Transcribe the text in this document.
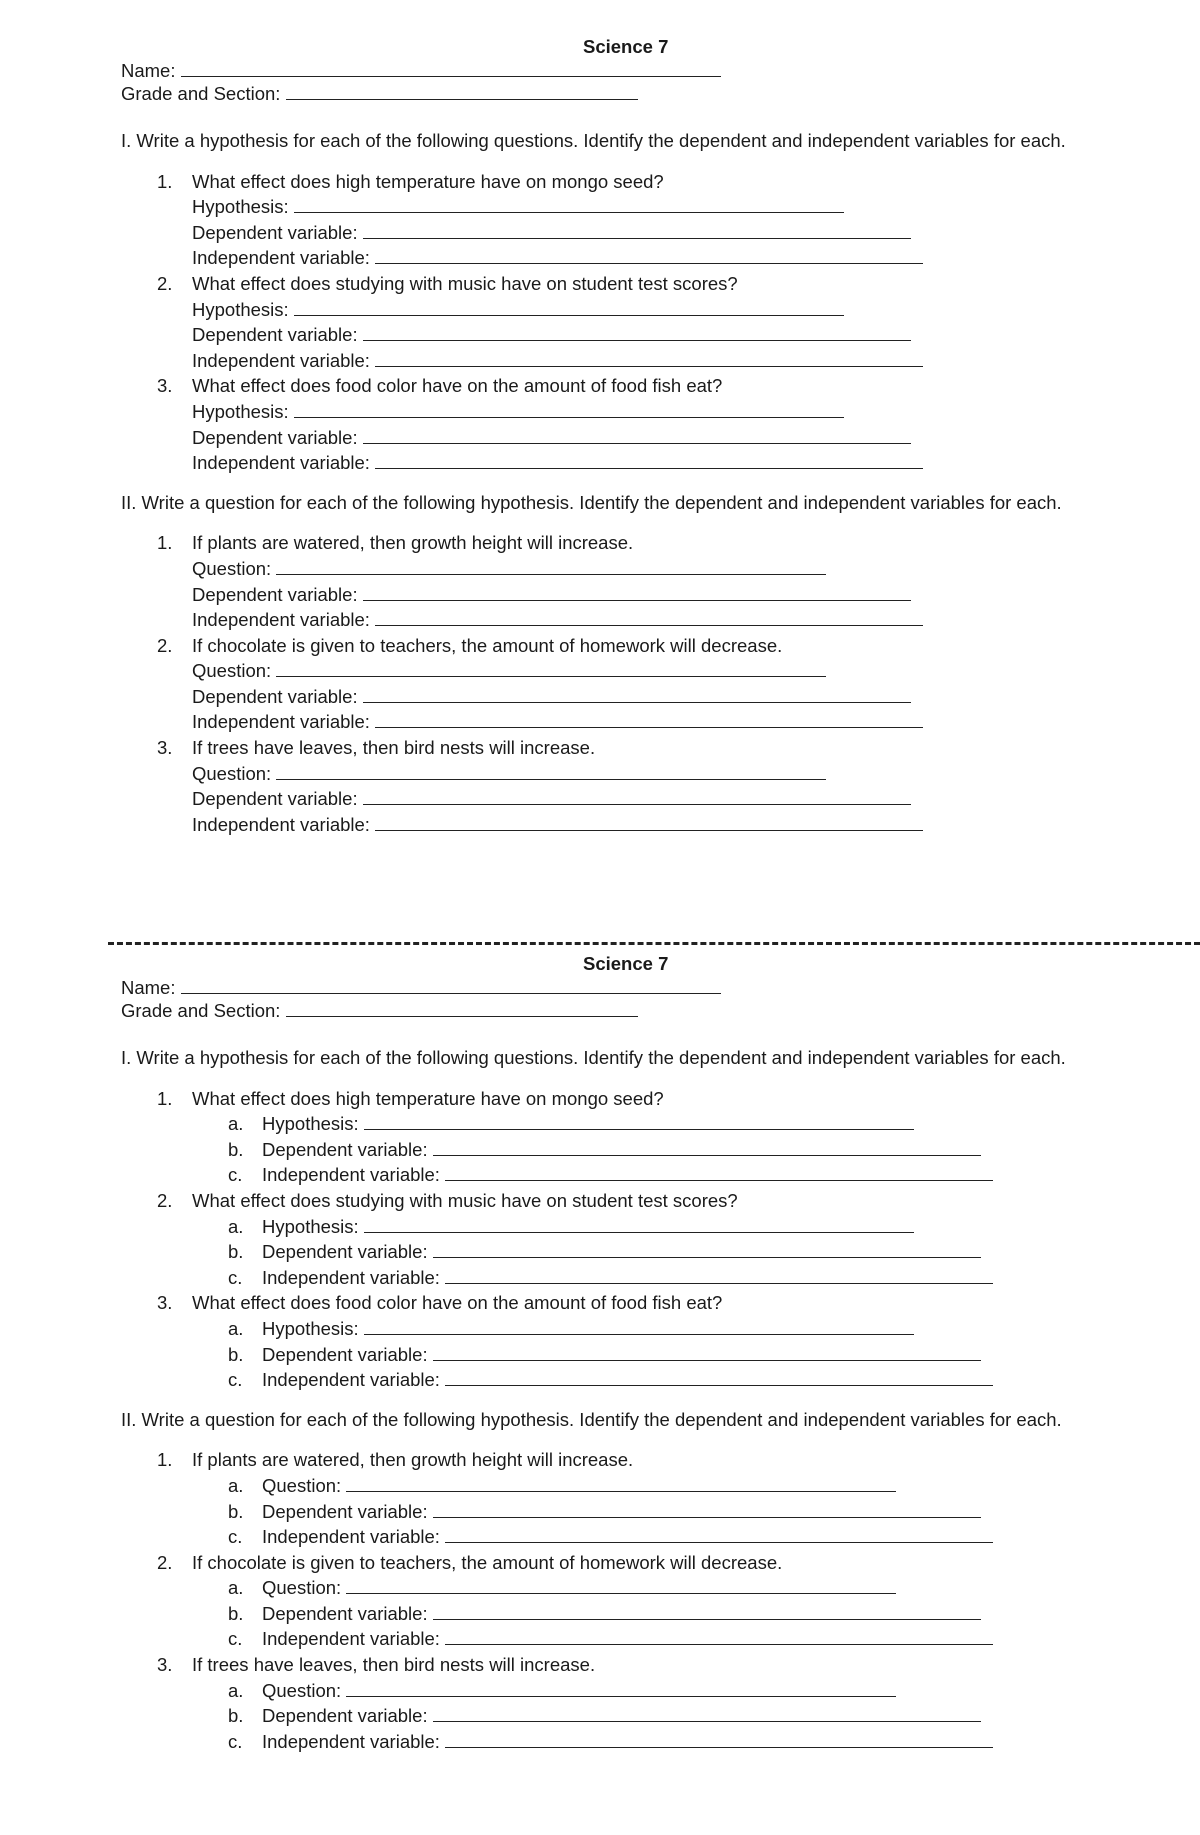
Science 7
Name:
Grade and Section:
I. Write a hypothesis for each of the following questions. Identify the dependent and independent variables for each.
1. What effect does high temperature have on mongo seed?
Hypothesis:
Dependent variable:
Independent variable:
2. What effect does studying with music have on student test scores?
Hypothesis:
Dependent variable:
Independent variable:
3. What effect does food color have on the amount of food fish eat?
Hypothesis:
Dependent variable:
Independent variable:
II. Write a question for each of the following hypothesis. Identify the dependent and independent variables for each.
1. If plants are watered, then growth height will increase.
Question:
Dependent variable:
Independent variable:
2. If chocolate is given to teachers, the amount of homework will decrease.
Question:
Dependent variable:
Independent variable:
3. If trees have leaves, then bird nests will increase.
Question:
Dependent variable:
Independent variable:
Science 7
Name:
Grade and Section:
I. Write a hypothesis for each of the following questions. Identify the dependent and independent variables for each.
1. What effect does high temperature have on mongo seed?
a. Hypothesis:
b. Dependent variable:
c. Independent variable:
2. What effect does studying with music have on student test scores?
a. Hypothesis:
b. Dependent variable:
c. Independent variable:
3. What effect does food color have on the amount of food fish eat?
a. Hypothesis:
b. Dependent variable:
c. Independent variable:
II. Write a question for each of the following hypothesis. Identify the dependent and independent variables for each.
1. If plants are watered, then growth height will increase.
a. Question:
b. Dependent variable:
c. Independent variable:
2. If chocolate is given to teachers, the amount of homework will decrease.
a. Question:
b. Dependent variable:
c. Independent variable:
3. If trees have leaves, then bird nests will increase.
a. Question:
b. Dependent variable:
c. Independent variable:
